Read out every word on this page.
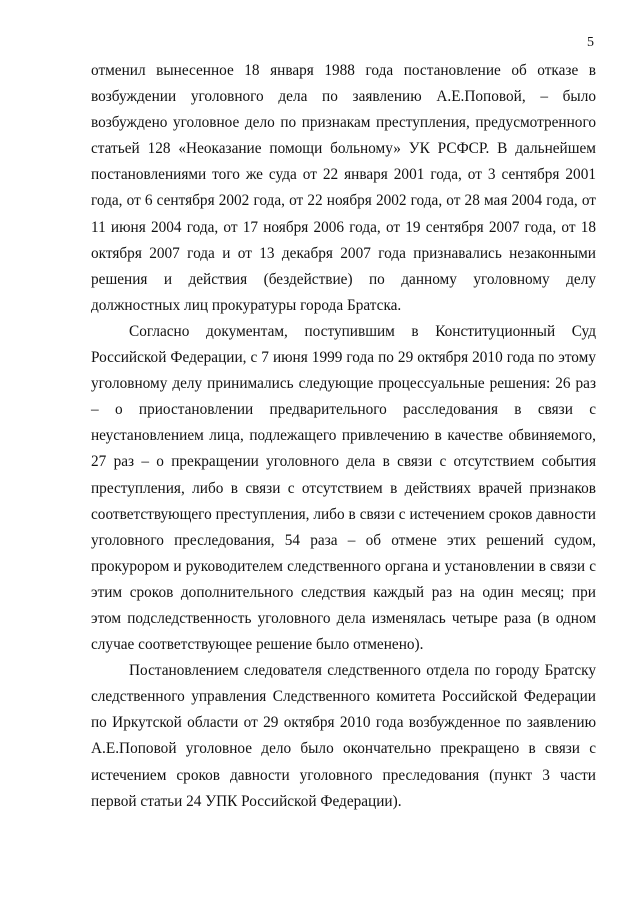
5

отменил вынесенное 18 января 1988 года постановление об отказе в возбуждении уголовного дела по заявлению А.Е.Поповой, – было возбуждено уголовное дело по признакам преступления, предусмотренного статьей 128 «Неоказание помощи больному» УК РСФСР. В дальнейшем постановлениями того же суда от 22 января 2001 года, от 3 сентября 2001 года, от 6 сентября 2002 года, от 22 ноября 2002 года, от 28 мая 2004 года, от 11 июня 2004 года, от 17 ноября 2006 года, от 19 сентября 2007 года, от 18 октября 2007 года и от 13 декабря 2007 года признавались незаконными решения и действия (бездействие) по данному уголовному делу должностных лиц прокуратуры города Братска.

Согласно документам, поступившим в Конституционный Суд Российской Федерации, с 7 июня 1999 года по 29 октября 2010 года по этому уголовному делу принимались следующие процессуальные решения: 26 раз – о приостановлении предварительного расследования в связи с неустановлением лица, подлежащего привлечению в качестве обвиняемого, 27 раз – о прекращении уголовного дела в связи с отсутствием события преступления, либо в связи с отсутствием в действиях врачей признаков соответствующего преступления, либо в связи с истечением сроков давности уголовного преследования, 54 раза – об отмене этих решений судом, прокурором и руководителем следственного органа и установлении в связи с этим сроков дополнительного следствия каждый раз на один месяц; при этом подследственность уголовного дела изменялась четыре раза (в одном случае соответствующее решение было отменено).

Постановлением следователя следственного отдела по городу Братску следственного управления Следственного комитета Российской Федерации по Иркутской области от 29 октября 2010 года возбужденное по заявлению А.Е.Поповой уголовное дело было окончательно прекращено в связи с истечением сроков давности уголовного преследования (пункт 3 части первой статьи 24 УПК Российской Федерации).
